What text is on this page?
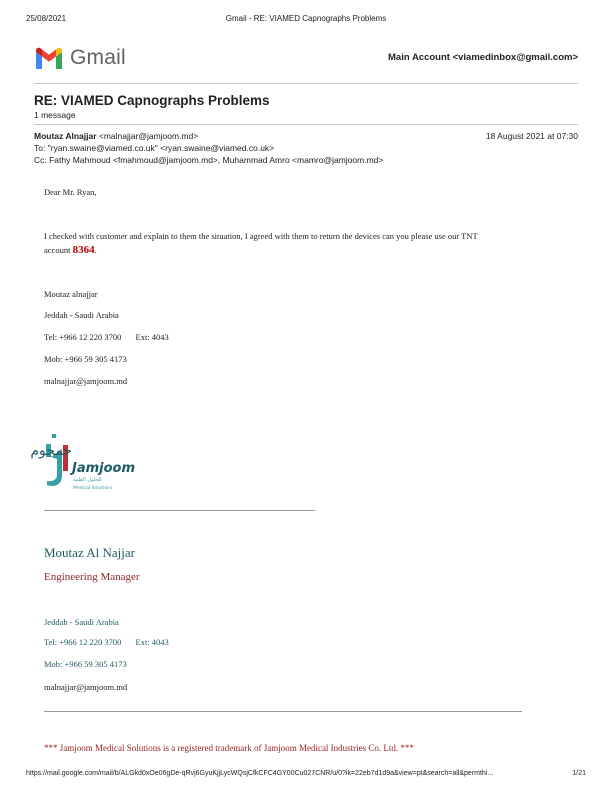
25/08/2021	Gmail - RE: VIAMED Capnographs Problems
Gmail	Main Account <viamedinbox@gmail.com>
RE: VIAMED Capnographs Problems
1 message
Moutaz Alnajjar <malnajjar@jamjoom.md>	18 August 2021 at 07:30
To: "ryan.swaine@viamed.co.uk" <ryan.swaine@viamed.co.uk>
Cc: Fathy Mahmoud <fmahmoud@jamjoom.md>, Muhammad Amro <mamro@jamjoom.md>
Dear Mr. Ryan,
I checked with customer and explain to them the situation, I agreed with them to return the devices can you please use our TNT
account 8364.
Moutaz alnajjar
Jeddah - Saudi Arabia
Tel: +966 12 220 3700 Ext: 4043
Mob: +966 59 305 4173
malnajjar@jamjoom.md
جمجوم
Jamjoom
للحلول الطبية
Medical Solutions
Moutaz Al Najjar
Engineering Manager
Jeddah - Saudi Arabia
Tel: +966 12 220 3700 Ext: 4043
Mob: +966 59 305 4173
malnajjar@jamjoom.md
*** Jamjoom Medical Solutions is a registered trademark of Jamjoom Medical Industries Co. Ltd. ***
https://mail.google.com/mail/b/ALGkd0xOe06gDe-qRvj6GyuKjjLycWQsjCfkCFC4GY00Cu027CNR/u/0?ik=22eb7d1d9a&view=pt&search=all&permthi...	1/21
